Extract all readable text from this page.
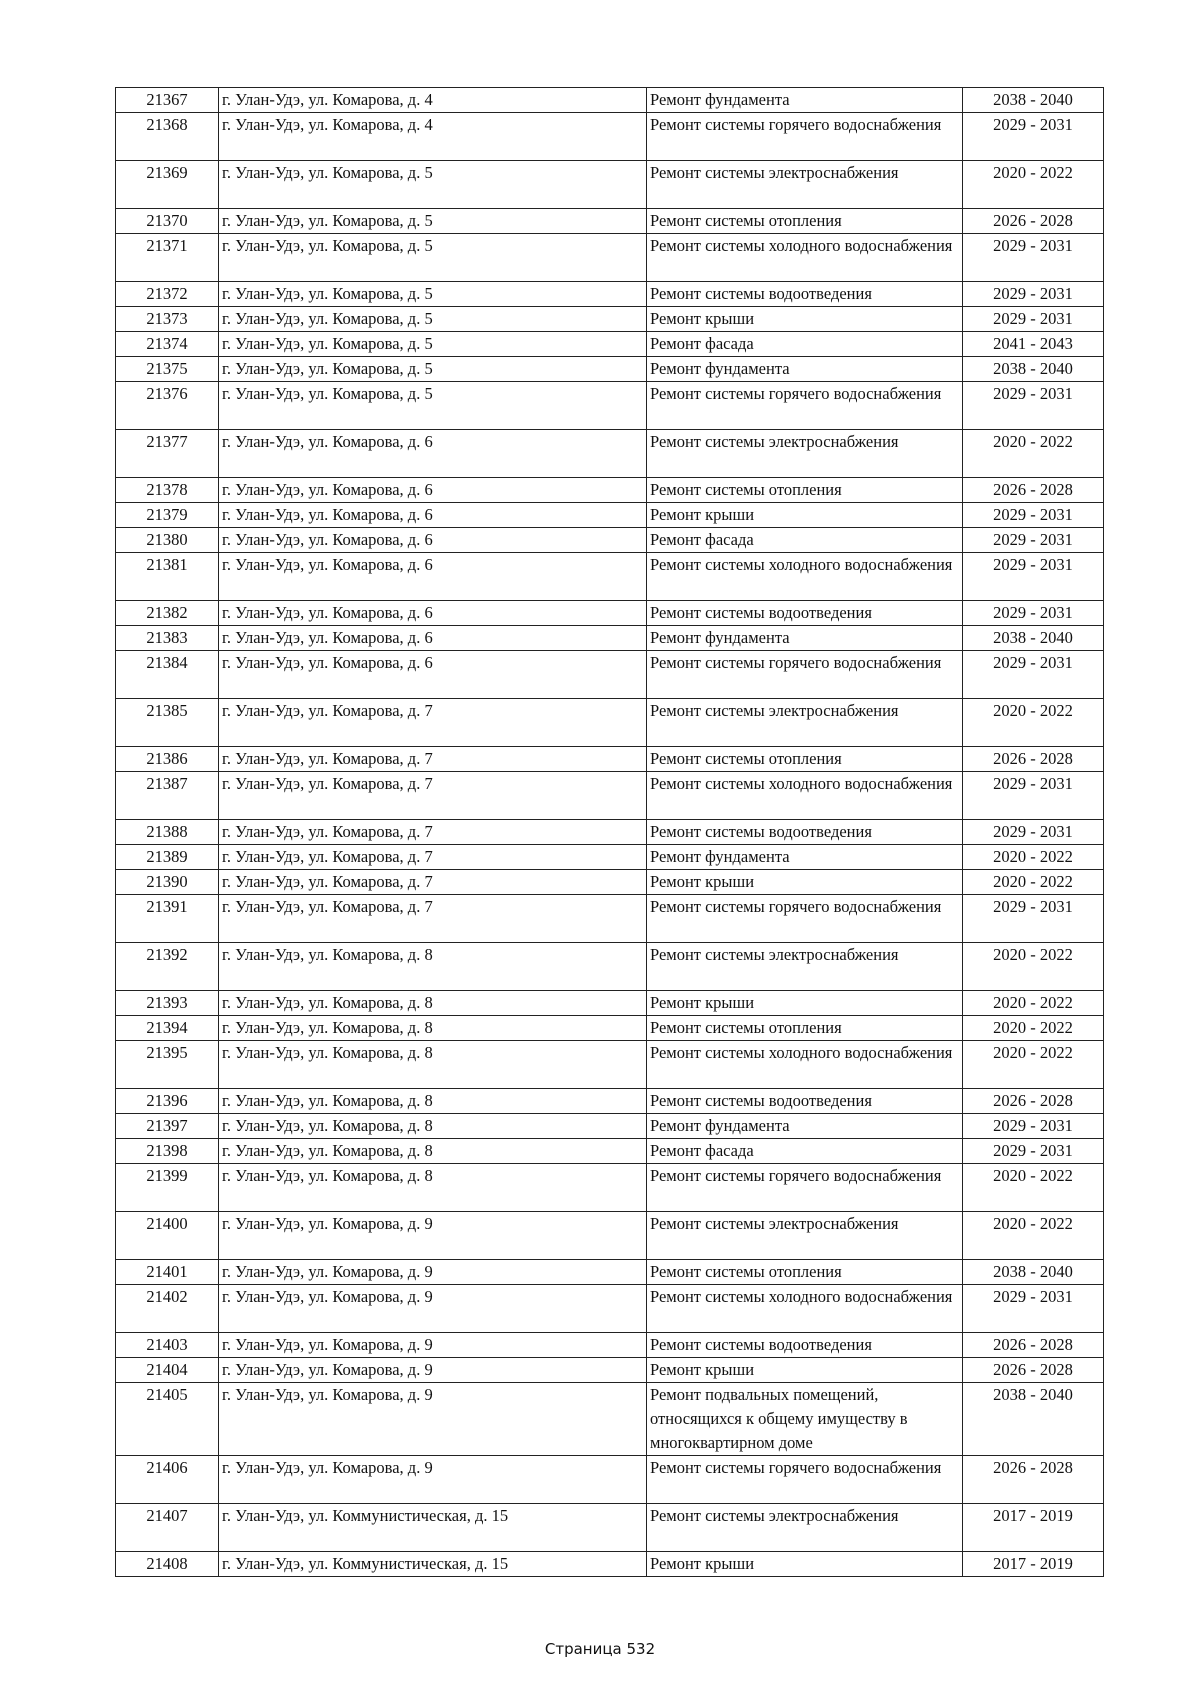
21367	г. Улан-Удэ, ул. Комарова, д. 4	Ремонт фундамента	2038 - 2040
21368	г. Улан-Удэ, ул. Комарова, д. 4	Ремонт системы горячего водоснабжения	2029 - 2031
21369	г. Улан-Удэ, ул. Комарова, д. 5	Ремонт системы электроснабжения	2020 - 2022
21370	г. Улан-Удэ, ул. Комарова, д. 5	Ремонт системы отопления	2026 - 2028
21371	г. Улан-Удэ, ул. Комарова, д. 5	Ремонт системы холодного водоснабжения	2029 - 2031
21372	г. Улан-Удэ, ул. Комарова, д. 5	Ремонт системы водоотведения	2029 - 2031
21373	г. Улан-Удэ, ул. Комарова, д. 5	Ремонт крыши	2029 - 2031
21374	г. Улан-Удэ, ул. Комарова, д. 5	Ремонт фасада	2041 - 2043
21375	г. Улан-Удэ, ул. Комарова, д. 5	Ремонт фундамента	2038 - 2040
21376	г. Улан-Удэ, ул. Комарова, д. 5	Ремонт системы горячего водоснабжения	2029 - 2031
21377	г. Улан-Удэ, ул. Комарова, д. 6	Ремонт системы электроснабжения	2020 - 2022
21378	г. Улан-Удэ, ул. Комарова, д. 6	Ремонт системы отопления	2026 - 2028
21379	г. Улан-Удэ, ул. Комарова, д. 6	Ремонт крыши	2029 - 2031
21380	г. Улан-Удэ, ул. Комарова, д. 6	Ремонт фасада	2029 - 2031
21381	г. Улан-Удэ, ул. Комарова, д. 6	Ремонт системы холодного водоснабжения	2029 - 2031
21382	г. Улан-Удэ, ул. Комарова, д. 6	Ремонт системы водоотведения	2029 - 2031
21383	г. Улан-Удэ, ул. Комарова, д. 6	Ремонт фундамента	2038 - 2040
21384	г. Улан-Удэ, ул. Комарова, д. 6	Ремонт системы горячего водоснабжения	2029 - 2031
21385	г. Улан-Удэ, ул. Комарова, д. 7	Ремонт системы электроснабжения	2020 - 2022
21386	г. Улан-Удэ, ул. Комарова, д. 7	Ремонт системы отопления	2026 - 2028
21387	г. Улан-Удэ, ул. Комарова, д. 7	Ремонт системы холодного водоснабжения	2029 - 2031
21388	г. Улан-Удэ, ул. Комарова, д. 7	Ремонт системы водоотведения	2029 - 2031
21389	г. Улан-Удэ, ул. Комарова, д. 7	Ремонт фундамента	2020 - 2022
21390	г. Улан-Удэ, ул. Комарова, д. 7	Ремонт крыши	2020 - 2022
21391	г. Улан-Удэ, ул. Комарова, д. 7	Ремонт системы горячего водоснабжения	2029 - 2031
21392	г. Улан-Удэ, ул. Комарова, д. 8	Ремонт системы электроснабжения	2020 - 2022
21393	г. Улан-Удэ, ул. Комарова, д. 8	Ремонт крыши	2020 - 2022
21394	г. Улан-Удэ, ул. Комарова, д. 8	Ремонт системы отопления	2020 - 2022
21395	г. Улан-Удэ, ул. Комарова, д. 8	Ремонт системы холодного водоснабжения	2020 - 2022
21396	г. Улан-Удэ, ул. Комарова, д. 8	Ремонт системы водоотведения	2026 - 2028
21397	г. Улан-Удэ, ул. Комарова, д. 8	Ремонт фундамента	2029 - 2031
21398	г. Улан-Удэ, ул. Комарова, д. 8	Ремонт фасада	2029 - 2031
21399	г. Улан-Удэ, ул. Комарова, д. 8	Ремонт системы горячего водоснабжения	2020 - 2022
21400	г. Улан-Удэ, ул. Комарова, д. 9	Ремонт системы электроснабжения	2020 - 2022
21401	г. Улан-Удэ, ул. Комарова, д. 9	Ремонт системы отопления	2038 - 2040
21402	г. Улан-Удэ, ул. Комарова, д. 9	Ремонт системы холодного водоснабжения	2029 - 2031
21403	г. Улан-Удэ, ул. Комарова, д. 9	Ремонт системы водоотведения	2026 - 2028
21404	г. Улан-Удэ, ул. Комарова, д. 9	Ремонт крыши	2026 - 2028
21405	г. Улан-Удэ, ул. Комарова, д. 9	Ремонт подвальных помещений, относящихся к общему имуществу в многоквартирном доме	2038 - 2040
21406	г. Улан-Удэ, ул. Комарова, д. 9	Ремонт системы горячего водоснабжения	2026 - 2028
21407	г. Улан-Удэ, ул. Коммунистическая, д. 15	Ремонт системы электроснабжения	2017 - 2019
21408	г. Улан-Удэ, ул. Коммунистическая, д. 15	Ремонт крыши	2017 - 2019
Страница 532
